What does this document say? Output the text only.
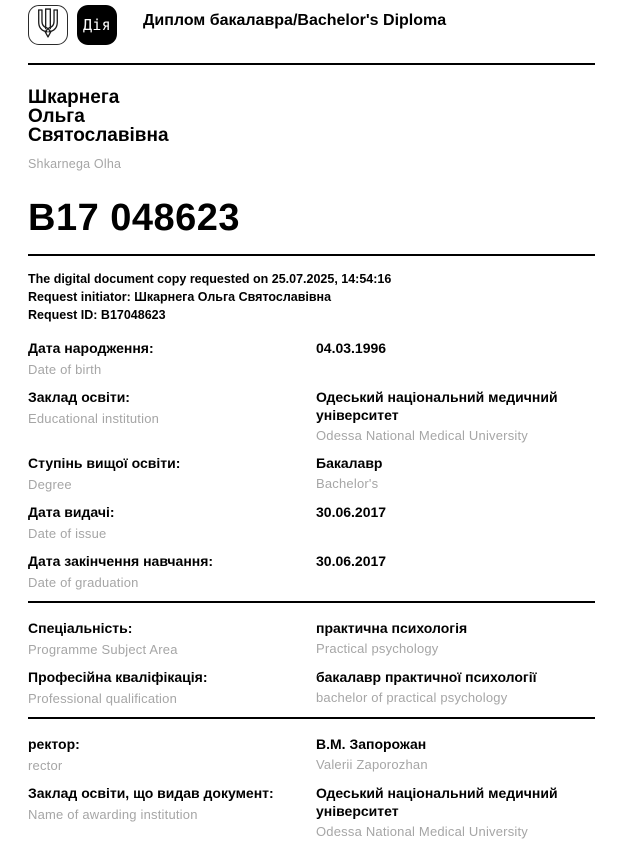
Дія Диплом бакалавра/Bachelor's Diploma
Шкарнега
Ольга
Святославівна
Shkarnega Olha
В17 048623
The digital document copy requested on 25.07.2025, 14:54:16
Request initiator: Шкарнега Ольга Святославівна
Request ID: В17048623
Дата народження:
Date of birth
04.03.1996
Заклад освіти:
Educational institution
Одеський національний медичний університет
Odessa National Medical University
Ступінь вищої освіти:
Degree
Бакалавр
Bachelor's
Дата видачі:
Date of issue
30.06.2017
Дата закінчення навчання:
Date of graduation
30.06.2017
Спеціальність:
Programme Subject Area
практична психологія
Practical psychology
Професійна кваліфікація:
Professional qualification
бакалавр практичної психології
bachelor of practical psychology
ректор:
rector
В.М. Запорожан
Valerii Zaporozhan
Заклад освіти, що видав документ:
Name of awarding institution
Одеський національний медичний університет
Odessa National Medical University
